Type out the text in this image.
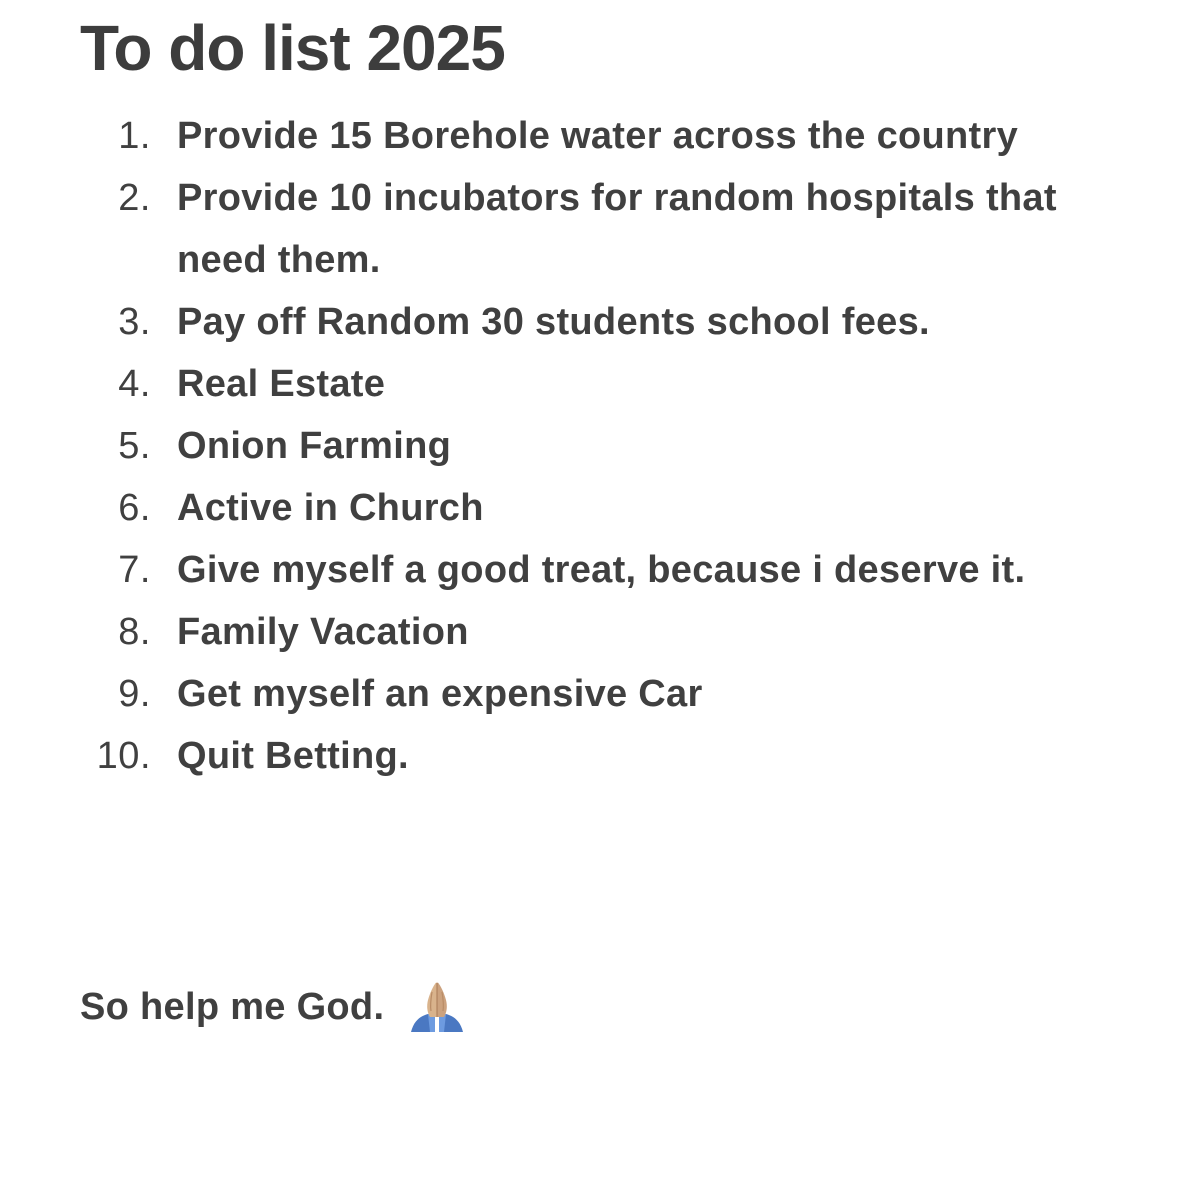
To do list 2025
1. Provide 15 Borehole water across the country
2. Provide 10 incubators for random hospitals that need them.
3. Pay off Random 30 students school fees.
4. Real Estate
5. Onion Farming
6. Active in Church
7. Give myself a good treat, because i deserve it.
8. Family Vacation
9. Get myself an expensive Car
10. Quit Betting.

So help me God.
